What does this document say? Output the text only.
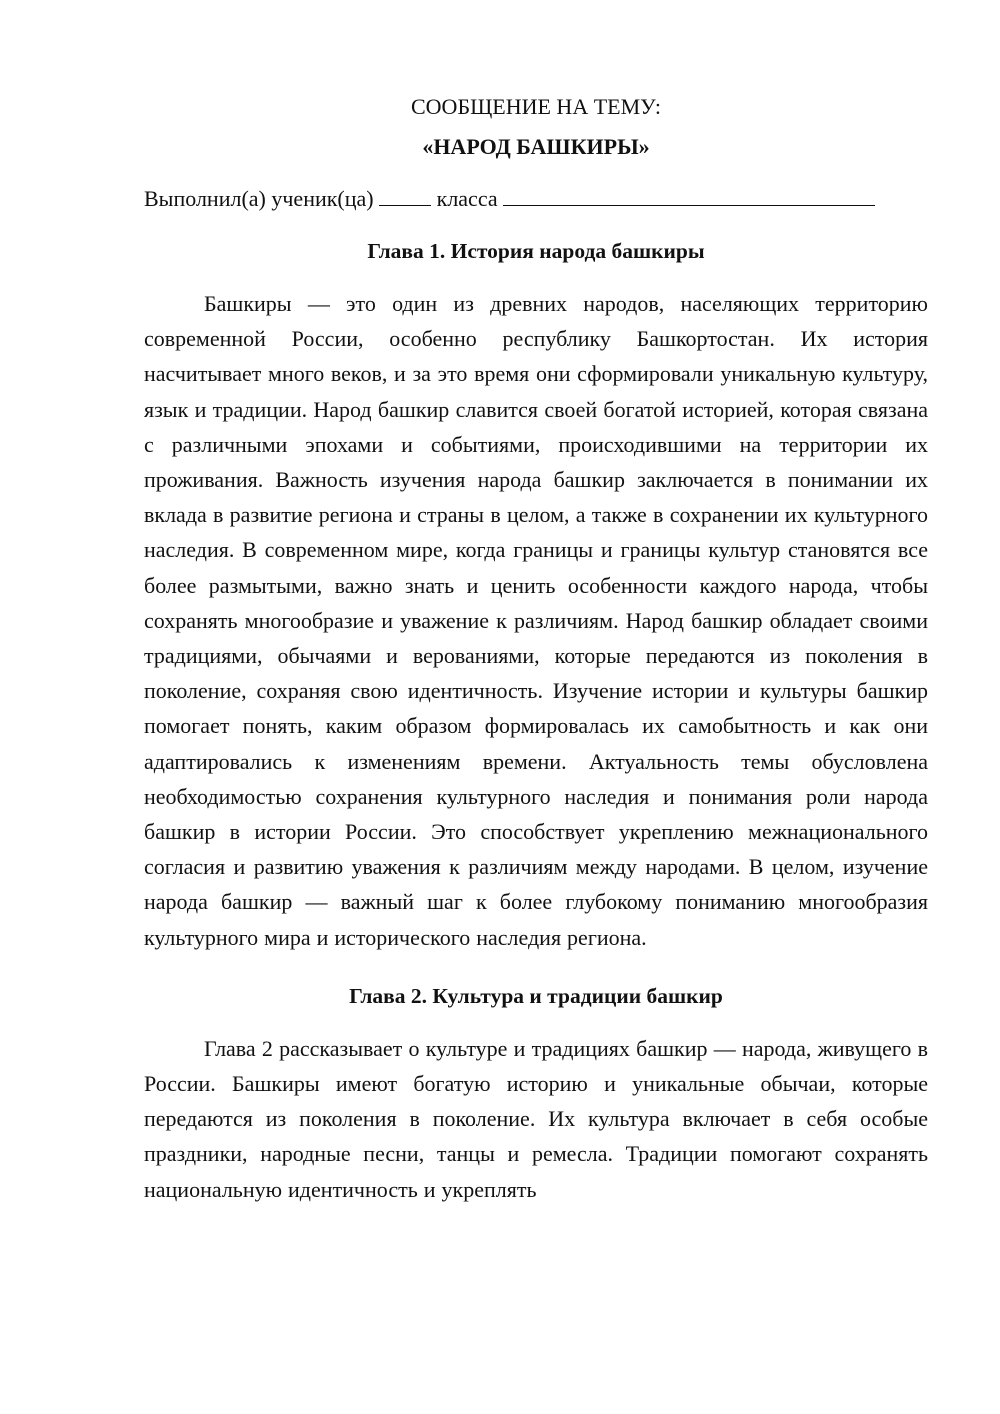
СООБЩЕНИЕ НА ТЕМУ:

«НАРОД БАШКИРЫ»

Выполнил(а) ученик(ца)	класса

Глава 1. История народа башкиры

Башкиры — это один из древних народов, населяющих территорию современной России, особенно республику Башкортостан. Их история насчитывает много веков, и за это время они сформировали уникальную культуру, язык и традиции. Народ башкир славится своей богатой историей, которая связана с различными эпохами и событиями, происходившими на территории их проживания. Важность изучения народа башкир заключается в понимании их вклада в развитие региона и страны в целом, а также в сохранении их культурного наследия. В современном мире, когда границы и границы культур становятся все более размытыми, важно знать и ценить особенности каждого народа, чтобы сохранять многообразие и уважение к различиям. Народ башкир обладает своими традициями, обычаями и верованиями, которые передаются из поколения в поколение, сохраняя свою идентичность. Изучение истории и культуры башкир помогает понять, каким образом формировалась их самобытность и как они адаптировались к изменениям времени. Актуальность темы обусловлена необходимостью сохранения культурного наследия и понимания роли народа башкир в истории России. Это способствует укреплению межнационального согласия и развитию уважения к различиям между народами. В целом, изучение народа башкир — важный шаг к более глубокому пониманию многообразия культурного мира и исторического наследия региона.

Глава 2. Культура и традиции башкир

Глава 2 рассказывает о культуре и традициях башкир — народа, живущего в России. Башкиры имеют богатую историю и уникальные обычаи, которые передаются из поколения в поколение. Их культура включает в себя особые праздники, народные песни, танцы и ремесла. Традиции помогают сохранять национальную идентичность и укреплять
